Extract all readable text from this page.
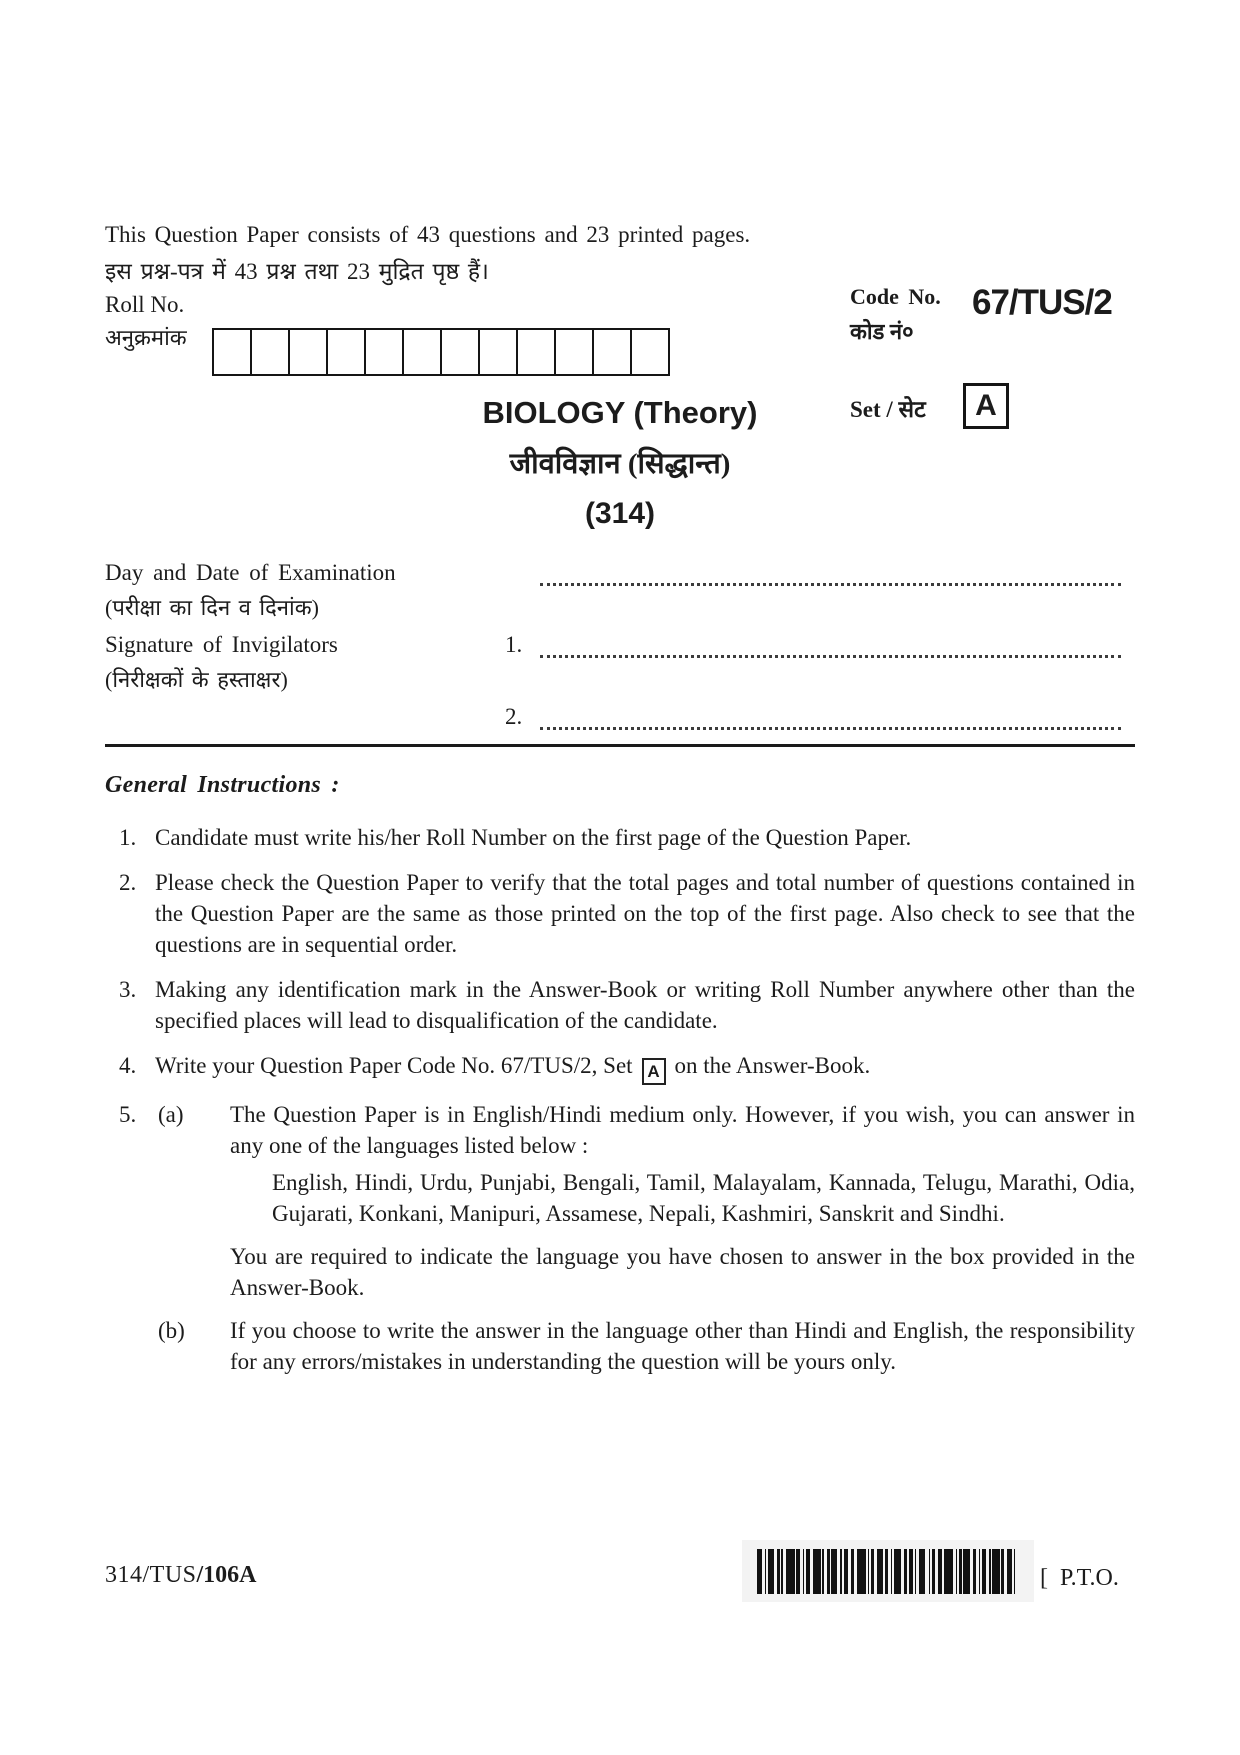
This Question Paper consists of 43 questions and 23 printed pages.
इस प्रश्न-पत्र में 43 प्रश्न तथा 23 मुद्रित पृष्ठ हैं।
Roll No.
अनुक्रमांक
Code No.
कोड नं०
67/TUS/2
Set / सेट	A
BIOLOGY (Theory)
जीवविज्ञान (सिद्धान्त)
(314)
Day and Date of Examination
(परीक्षा का दिन व दिनांक)
Signature of Invigilators	1.
(निरीक्षकों के हस्ताक्षर)
2.
General Instructions :
1. Candidate must write his/her Roll Number on the first page of the Question Paper.
2. Please check the Question Paper to verify that the total pages and total number of questions contained in the Question Paper are the same as those printed on the top of the first page. Also check to see that the questions are in sequential order.
3. Making any identification mark in the Answer-Book or writing Roll Number anywhere other than the specified places will lead to disqualification of the candidate.
4. Write your Question Paper Code No. 67/TUS/2, Set A on the Answer-Book.
5. (a)	The Question Paper is in English/Hindi medium only. However, if you wish, you can answer in any one of the languages listed below :

English, Hindi, Urdu, Punjabi, Bengali, Tamil, Malayalam, Kannada, Telugu, Marathi, Odia, Gujarati, Konkani, Manipuri, Assamese, Nepali, Kashmiri, Sanskrit and Sindhi.

You are required to indicate the language you have chosen to answer in the box provided in the Answer-Book.

(b)	If you choose to write the answer in the language other than Hindi and English, the responsibility for any errors/mistakes in understanding the question will be yours only.

314/TUS/106A	[ P.T.O.
